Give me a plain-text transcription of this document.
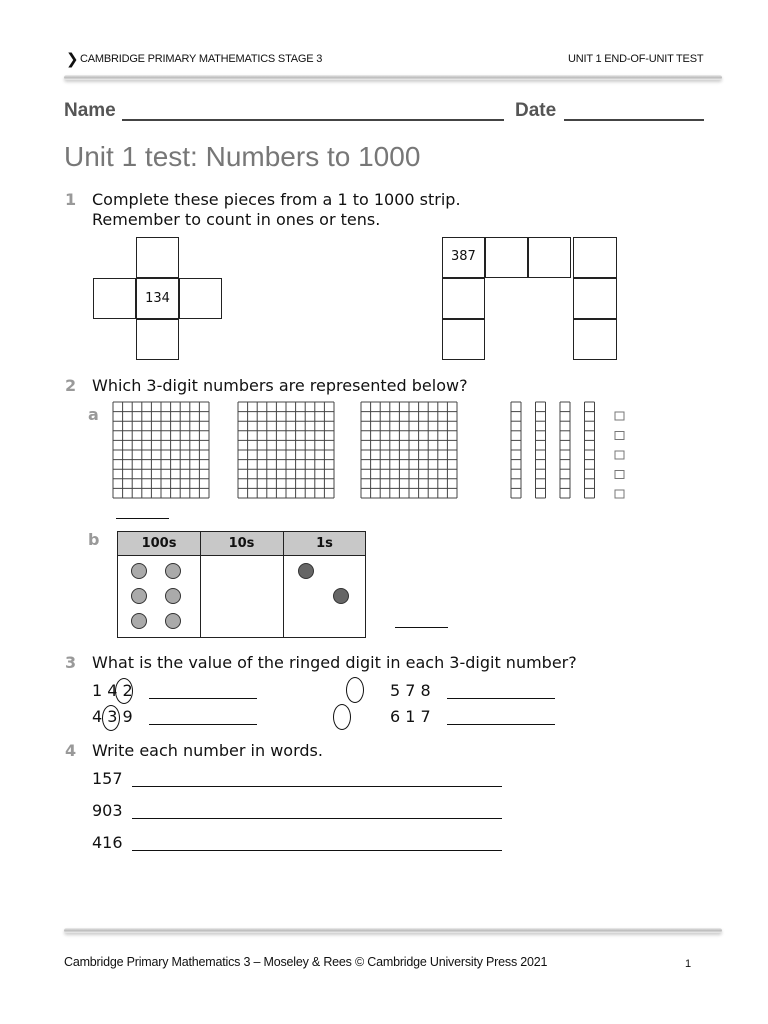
❯ CAMBRIDGE PRIMARY MATHEMATICS STAGE 3	UNIT 1 END-OF-UNIT TEST
Name	Date
Unit 1 test: Numbers to 1000
1 Complete these pieces from a 1 to 1000 strip.
Remember to count in ones or tens.
134
387
2 Which 3-digit numbers are represented below?
a
b	100s	10s	1s
3 What is the value of the ringed digit in each 3-digit number?
1 4 2
4 3 9
5 7 8
6 1 7
4 Write each number in words.
157
903
416
Cambridge Primary Mathematics 3 – Moseley & Rees © Cambridge University Press 2021	1
